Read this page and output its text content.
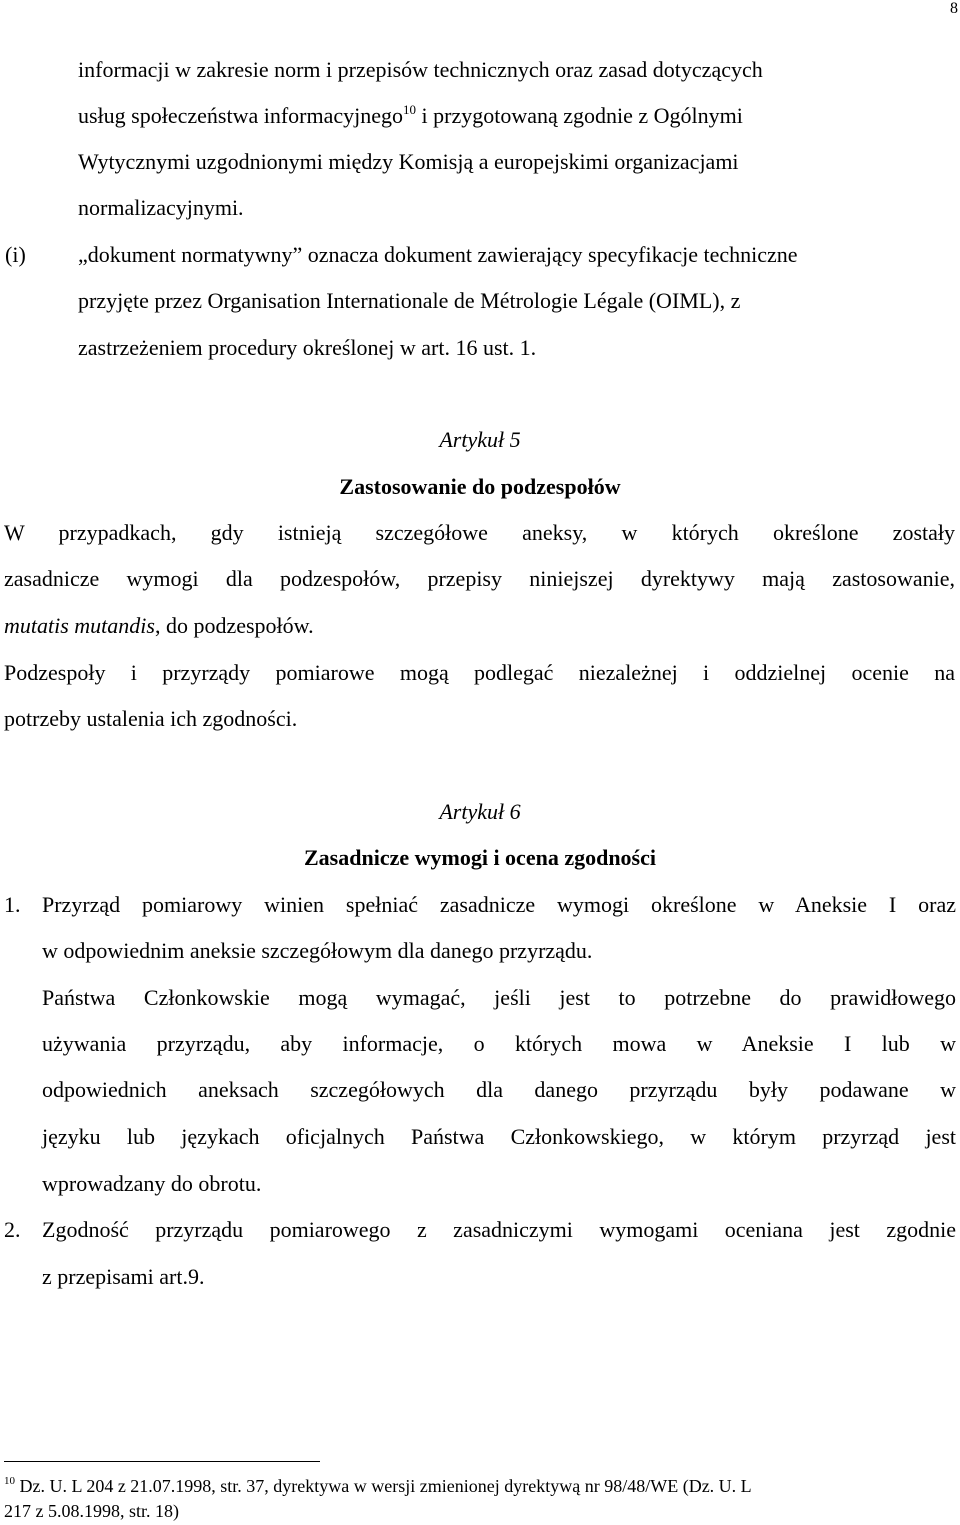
8
informacji w zakresie norm i przepisów technicznych oraz zasad dotyczących
usług społeczeństwa informacyjnego$^{10}$ i przygotowaną zgodnie z Ogólnymi
Wytycznymi uzgodnionymi między Komisją a europejskimi organizacjami
normalizacyjnymi.
(i) „dokument normatywny” oznacza dokument zawierający specyfikacje techniczne
przyjęte przez Organisation Internationale de Métrologie Légale (OIML), z
zastrzeżeniem procedury określonej w art. 16 ust. 1.
Artykuł 5
Zastosowanie do podzespołów
W przypadkach, gdy istnieją szczegółowe aneksy, w których określone zostały
zasadnicze wymogi dla podzespołów, przepisy niniejszej dyrektywy mają zastosowanie,
mutatis mutandis, do podzespołów.
Podzespoły i przyrządy pomiarowe mogą podlegać niezależnej i oddzielnej ocenie na
potrzeby ustalenia ich zgodności.
Artykuł 6
Zasadnicze wymogi i ocena zgodności
1. Przyrząd pomiarowy winien spełniać zasadnicze wymogi określone w Aneksie I oraz
w odpowiednim aneksie szczegółowym dla danego przyrządu.
Państwa Członkowskie mogą wymagać, jeśli jest to potrzebne do prawidłowego
używania przyrządu, aby informacje, o których mowa w Aneksie I lub w
odpowiednich aneksach szczegółowych dla danego przyrządu były podawane w
języku lub językach oficjalnych Państwa Członkowskiego, w którym przyrząd jest
wprowadzany do obrotu.
2. Zgodność przyrządu pomiarowego z zasadniczymi wymogami oceniana jest zgodnie
z przepisami art.9.
$^{10}$ Dz. U. L 204 z 21.07.1998, str. 37, dyrektywa w wersji zmienionej dyrektywą nr 98/48/WE (Dz. U. L
217 z 5.08.1998, str. 18)
